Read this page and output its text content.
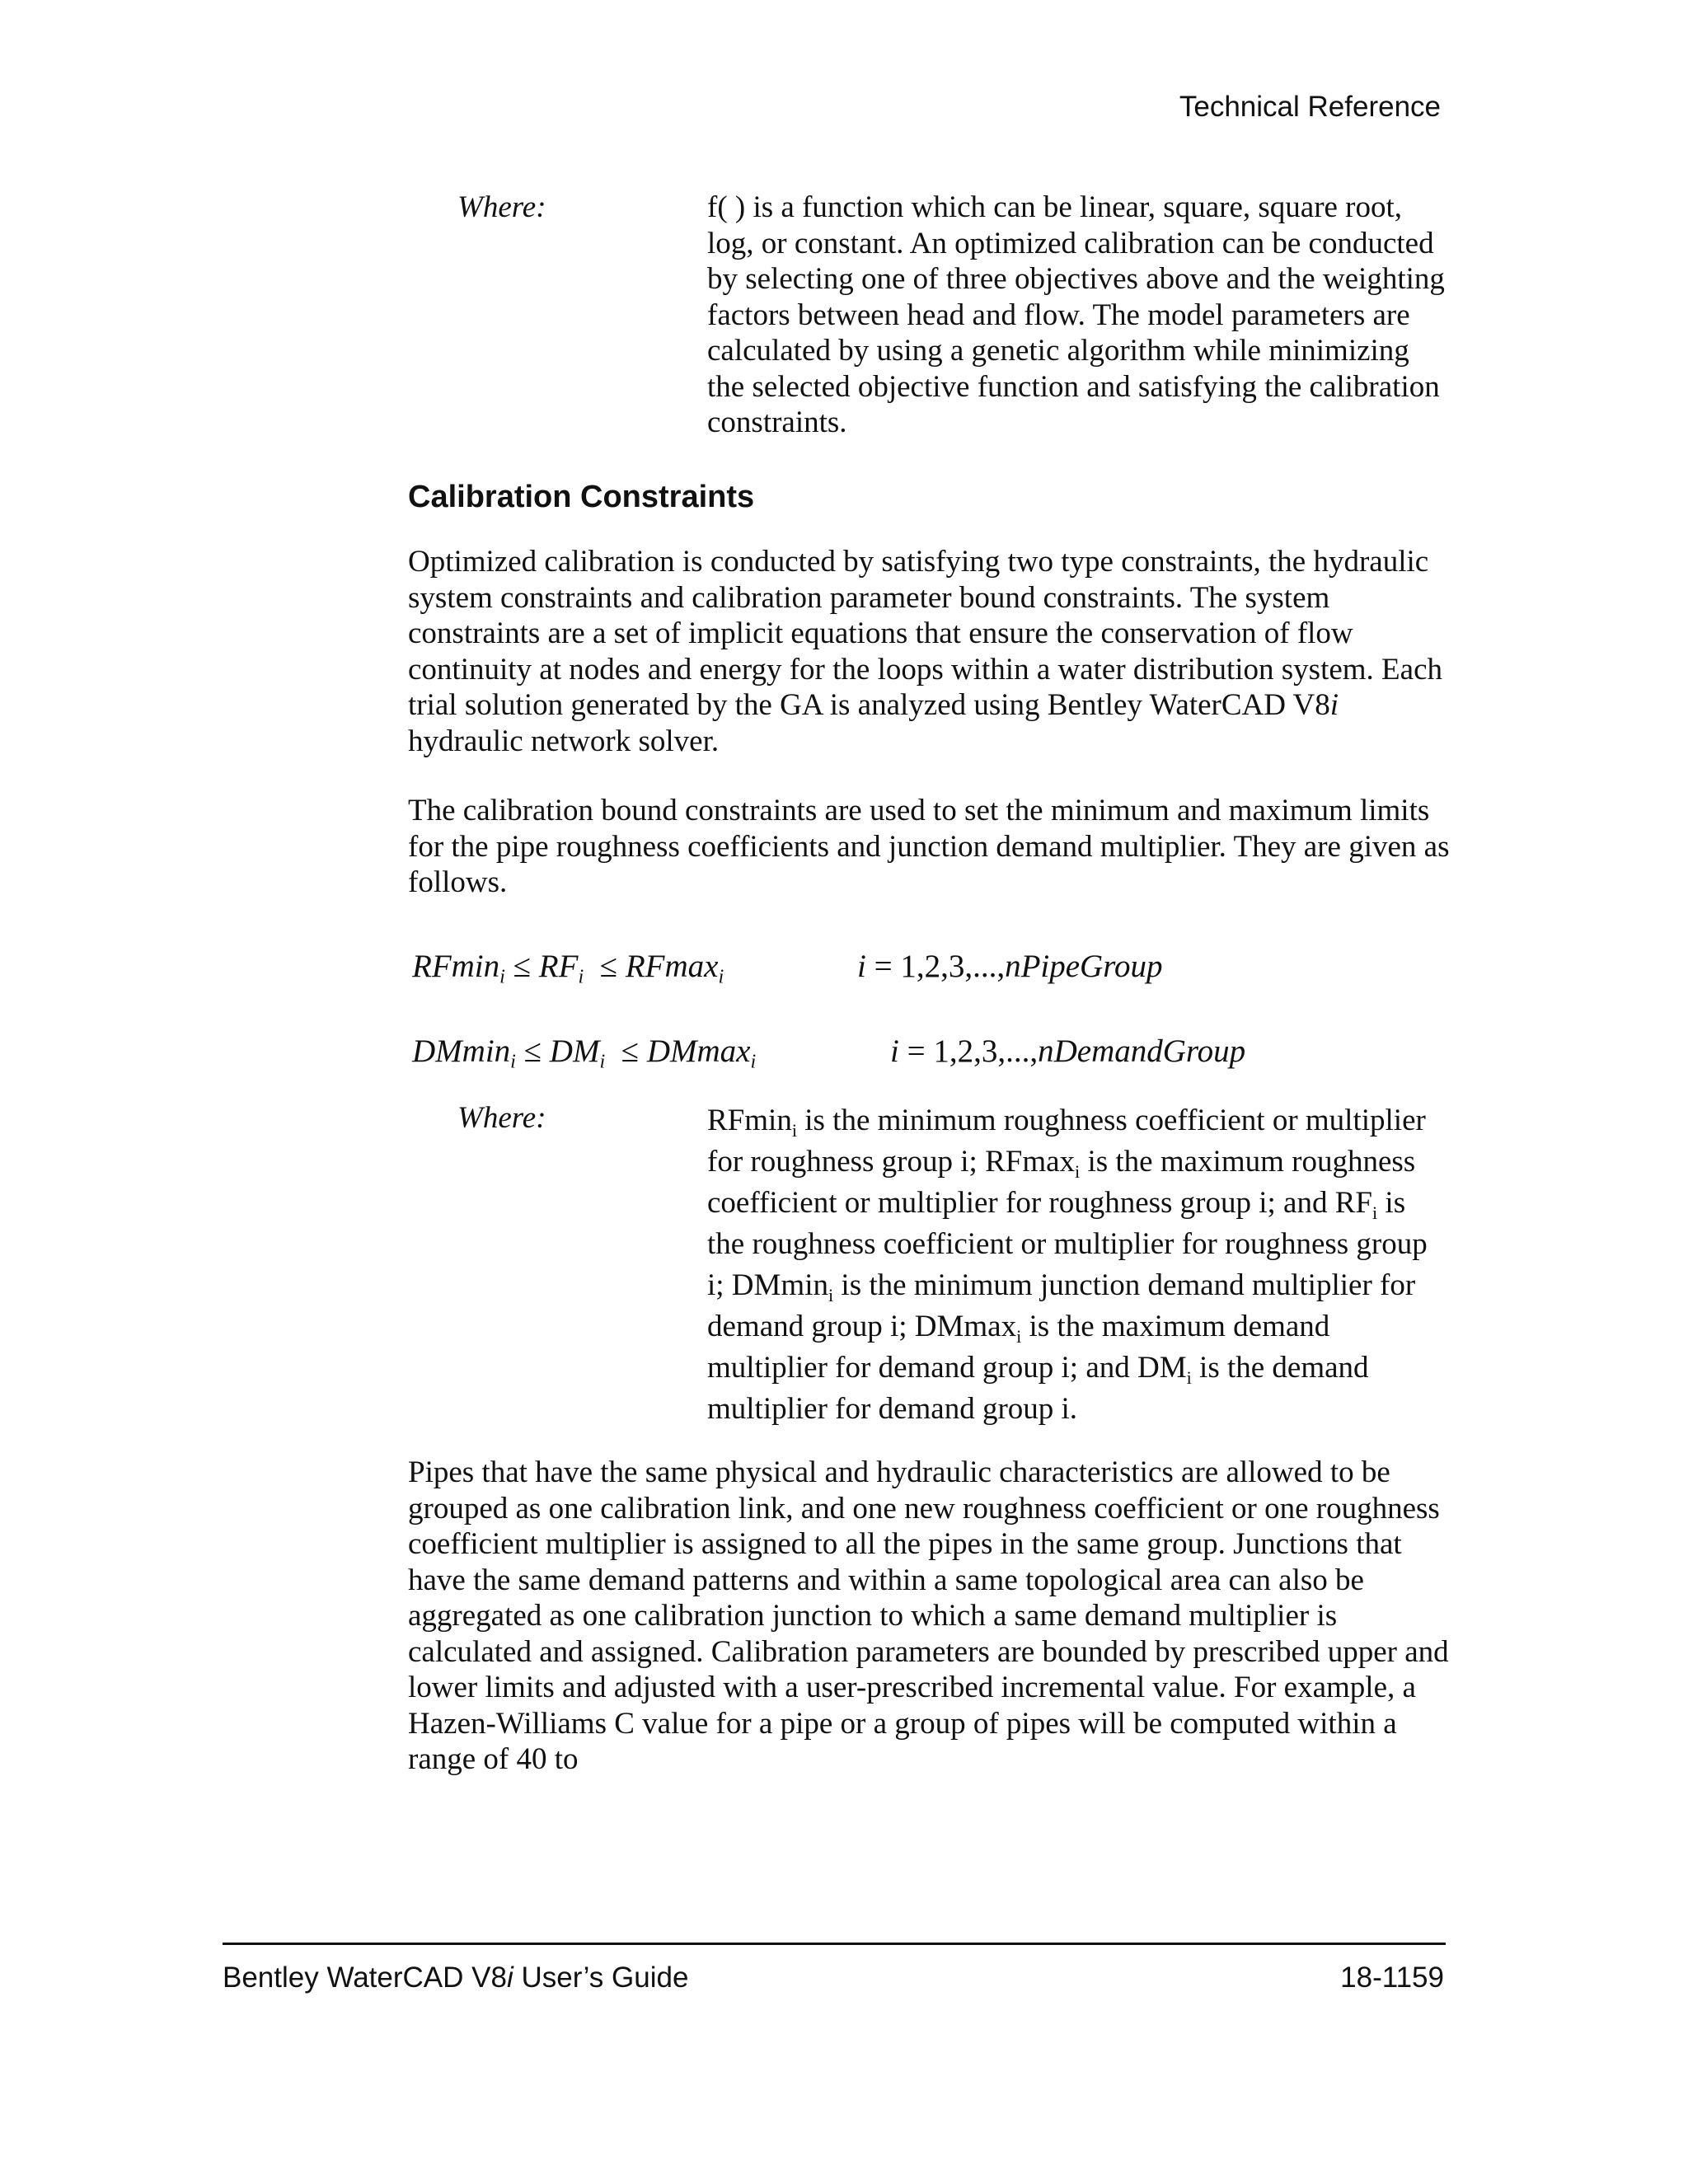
Technical Reference
Where:	f( ) is a function which can be linear, square, square root, log, or constant. An optimized calibration can be conducted by selecting one of three objectives above and the weighting factors between head and flow. The model parameters are calculated by using a genetic algorithm while minimizing the selected objective function and satisfying the calibration constraints.
Calibration Constraints
Optimized calibration is conducted by satisfying two type constraints, the hydraulic system constraints and calibration parameter bound constraints. The system constraints are a set of implicit equations that ensure the conservation of flow continuity at nodes and energy for the loops within a water distribution system. Each trial solution generated by the GA is analyzed using Bentley WaterCAD V8i hydraulic network solver.
The calibration bound constraints are used to set the minimum and maximum limits for the pipe roughness coefficients and junction demand multiplier. They are given as follows.
$RFmin_i \le RF_i \le RFmax_i$	i = 1,2,3,...,nPipeGroup
$DMmin_i \le DM_i \le DMmax_i$	i = 1,2,3,...,nDemandGroup
Where:	RFmin$_i$ is the minimum roughness coefficient or multiplier for roughness group i; RFmax$_i$ is the maximum roughness coefficient or multiplier for roughness group i; and $RF_i$ is the roughness coefficient or multiplier for roughness group i; DMmin$_i$ is the minimum junction demand multiplier for demand group i; DMmax$_i$ is the maximum demand multiplier for demand group i; and $DM_i$ is the demand multiplier for demand group i.
Pipes that have the same physical and hydraulic characteristics are allowed to be grouped as one calibration link, and one new roughness coefficient or one roughness coefficient multiplier is assigned to all the pipes in the same group. Junctions that have the same demand patterns and within a same topological area can also be aggregated as one calibration junction to which a same demand multiplier is calculated and assigned. Calibration parameters are bounded by prescribed upper and lower limits and adjusted with a user-prescribed incremental value. For example, a Hazen-Williams C value for a pipe or a group of pipes will be computed within a range of 40 to
Bentley WaterCAD V8i User’s Guide	18-1159
